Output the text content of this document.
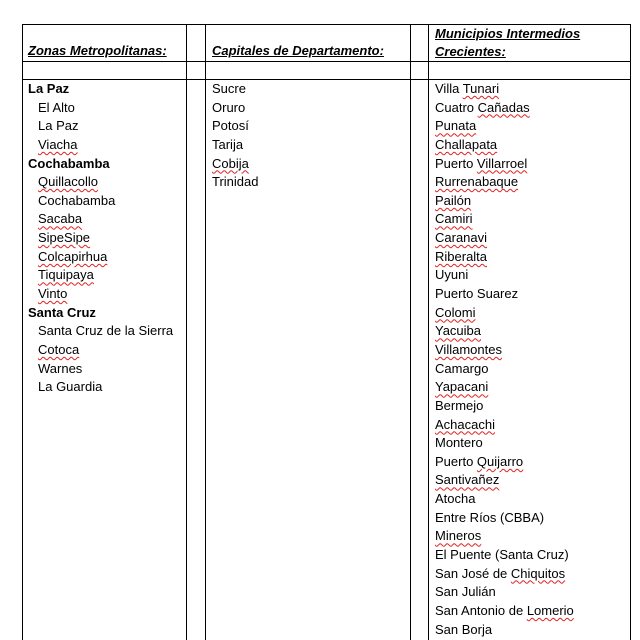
Zonas Metropolitanas:	Capitales de Departamento:
Municipios Intermedios Crecientes:
La Paz
El Alto
La Paz
Viacha
Cochabamba
Quillacollo
Cochabamba
Sacaba
SipeSipe
Colcapirhua
Tiquipaya
Vinto
Santa Cruz
Santa Cruz de la Sierra
Cotoca
Warnes
La Guardia
Sucre
Oruro
Potosí
Tarija
Cobija
Trinidad
Villa Tunari
Cuatro Cañadas
Punata
Challapata
Puerto Villarroel
Rurrenabaque
Pailón
Camiri
Caranavi
Riberalta
Uyuni
Puerto Suarez
Colomi
Yacuiba
Villamontes
Camargo
Yapacani
Bermejo
Achacachi
Montero
Puerto Quijarro
Santivañez
Atocha
Entre Ríos (CBBA)
Mineros
El Puente (Santa Cruz)
San José de Chiquitos
San Julián
San Antonio de Lomerio
San Borja
